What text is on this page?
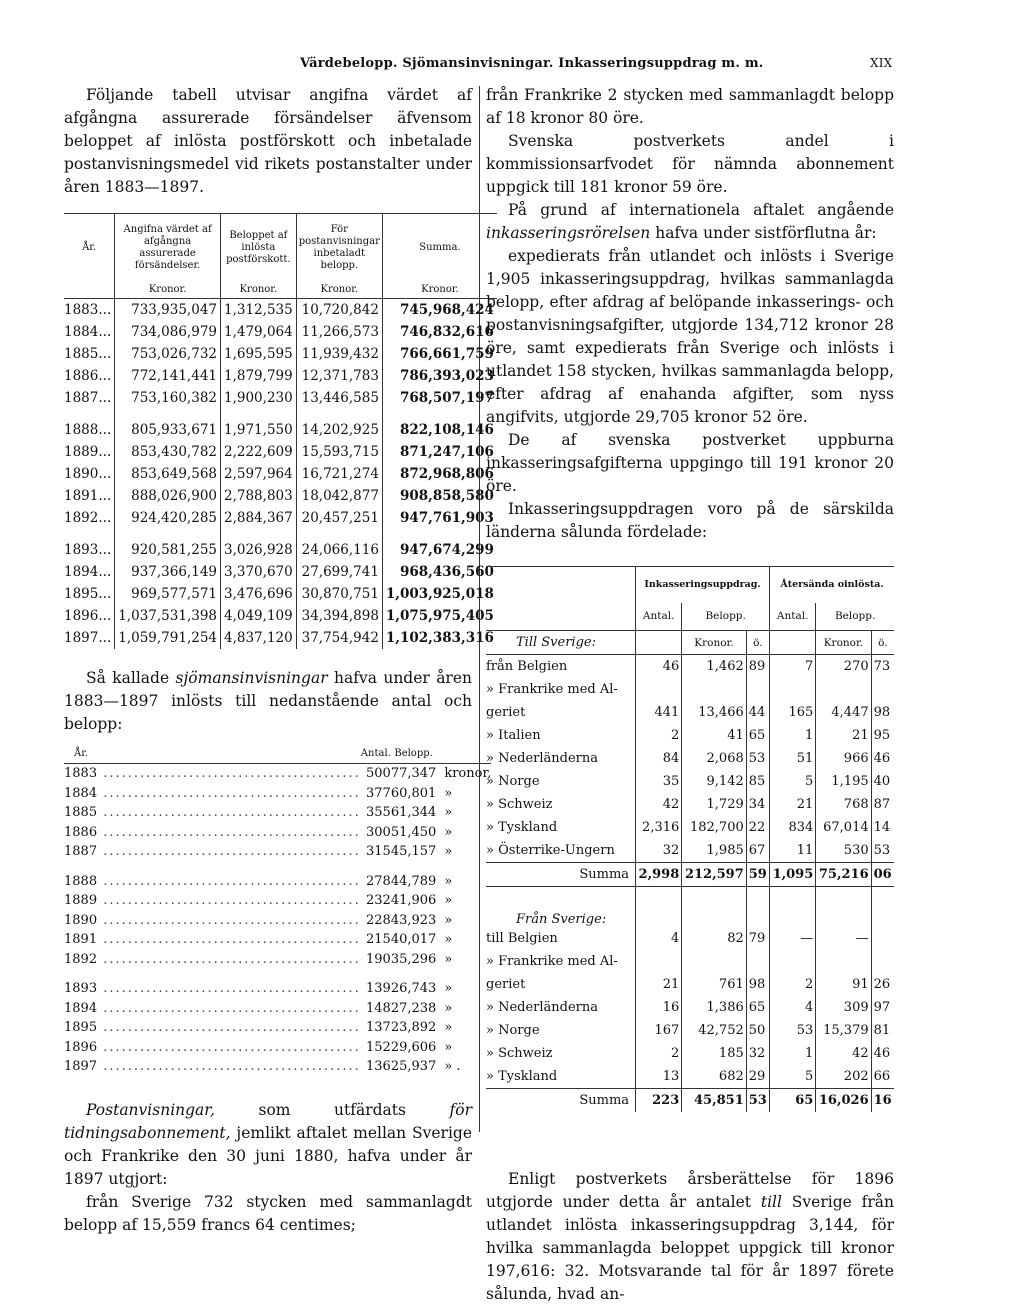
Värdebelopp. Sjömansinvisningar. Inkasseringsuppdrag m. m.	XIX

Följande tabell utvisar angifna värdet af afgångna assurerade försändelser äfvensom beloppet af inlösta postförskott och inbetalade postanvisningsmedel vid rikets postanstalter under åren 1883—1897.

År.	Angifna värdet af afgångna assurerade försändelser.	Beloppet af inlösta postförskott.	För postanvisningar inbetaladt belopp.	Summa.
	Kronor.	Kronor.	Kronor.	Kronor.
1883...	733,935,047	1,312,535	10,720,842	745,968,424
1884...	734,086,979	1,479,064	11,266,573	746,832,616
1885...	753,026,732	1,695,595	11,939,432	766,661,759
1886...	772,141,441	1,879,799	12,371,783	786,393,023
1887...	753,160,382	1,900,230	13,446,585	768,507,197
1888...	805,933,671	1,971,550	14,202,925	822,108,146
1889...	853,430,782	2,222,609	15,593,715	871,247,106
1890...	853,649,568	2,597,964	16,721,274	872,968,806
1891...	888,026,900	2,788,803	18,042,877	908,858,580
1892...	924,420,285	2,884,367	20,457,251	947,761,903
1893...	920,581,255	3,026,928	24,066,116	947,674,299
1894...	937,366,149	3,370,670	27,699,741	968,436,560
1895...	969,577,571	3,476,696	30,870,751	1,003,925,018
1896...	1,037,531,398	4,049,109	34,394,898	1,075,975,405
1897...	1,059,791,254	4,837,120	37,754,942	1,102,383,316

Så kallade sjömansinvisningar hafva under åren 1883—1897 inlösts till nedanstående antal och belopp:

År.	Antal.	Belopp.	
1883 ..........................................	500	77,347	kronor,
1884 ..........................................	377	60,801	»
1885 ..........................................	355	61,344	»
1886 ..........................................	300	51,450	»
1887 ..........................................	315	45,157	»
1888 ..........................................	278	44,789	»
1889 ..........................................	232	41,906	»
1890 ..........................................	228	43,923	»
1891 ..........................................	215	40,017	»
1892 ..........................................	190	35,296	»
1893 ..........................................	139	26,743	»
1894 ..........................................	148	27,238	»
1895 ..........................................	137	23,892	»
1896 ..........................................	152	29,606	»
1897 ..........................................	136	25,937	» .

Postanvisningar,	som utfärdats	för tidningsabonnement, jemlikt aftalet mellan Sverige och Frankrike den 30 juni 1880, hafva under år 1897 utgjort:

från Sverige 732 stycken med sammanlagdt belopp af 15,559 francs 64 centimes;

från Frankrike 2 stycken med sammanlagdt belopp af 18 kronor 80 öre.

Svenska postverkets andel i kommissionsarfvodet för nämnda abonnement uppgick till 181 kronor 59 öre.

På grund af internationela aftalet angående inkasseringsrörelsen hafva under sistförflutna år:

expedierats från utlandet och inlösts i Sverige 1,905 inkasseringsuppdrag, hvilkas sammanlagda belopp, efter afdrag af belöpande inkasserings- och postanvisningsafgifter, utgjorde 134,712 kronor 28 öre, samt expedierats från Sverige och inlösts i utlandet 158 stycken, hvilkas sammanlagda belopp, efter afdrag af enahanda afgifter, som nyss angifvits, utgjorde 29,705 kronor 52 öre.

De af svenska postverket uppburna inkasseringsafgifterna uppgingo till 191 kronor 20 öre.

Inkasseringsuppdragen voro på de särskilda länderna sålunda fördelade:

	Inkasseringsuppdrag.			Återsända oinlösta.		
	Antal.	Belopp.		Antal.	Belopp.	
Till Sverige:		Kronor.	ö.		Kronor.	ö.
från Belgien	46	1,462	89	7	270	73
» Frankrike med Al-						
geriet	441	13,466	44	165	4,447	98
» Italien	2	41	65	1	21	95
» Nederländerna	84	2,068	53	51	966	46
» Norge	35	9,142	85	5	1,195	40
» Schweiz	42	1,729	34	21	768	87
» Tyskland	2,316	182,700	22	834	67,014	14
» Österrike-Ungern	32	1,985	67	11	530	53
Summa	2,998	212,597	59	1,095	75,216	06
Från Sverige:						
till Belgien	4	82	79	—	—	
» Frankrike med Al-						
geriet	21	761	98	2	91	26
» Nederländerna	16	1,386	65	4	309	97
» Norge	167	42,752	50	53	15,379	81
» Schweiz	2	185	32	1	42	46
» Tyskland	13	682	29	5	202	66
Summa	223	45,851	53	65	16,026	16

Enligt postverkets årsberättelse för 1896 utgjorde under detta år antalet till Sverige från utlandet inlösta inkasseringsuppdrag 3,144, för hvilka sammanlagda beloppet uppgick till kronor 197,616: 32. Motsvarande tal för år 1897 förete sålunda, hvad an-
